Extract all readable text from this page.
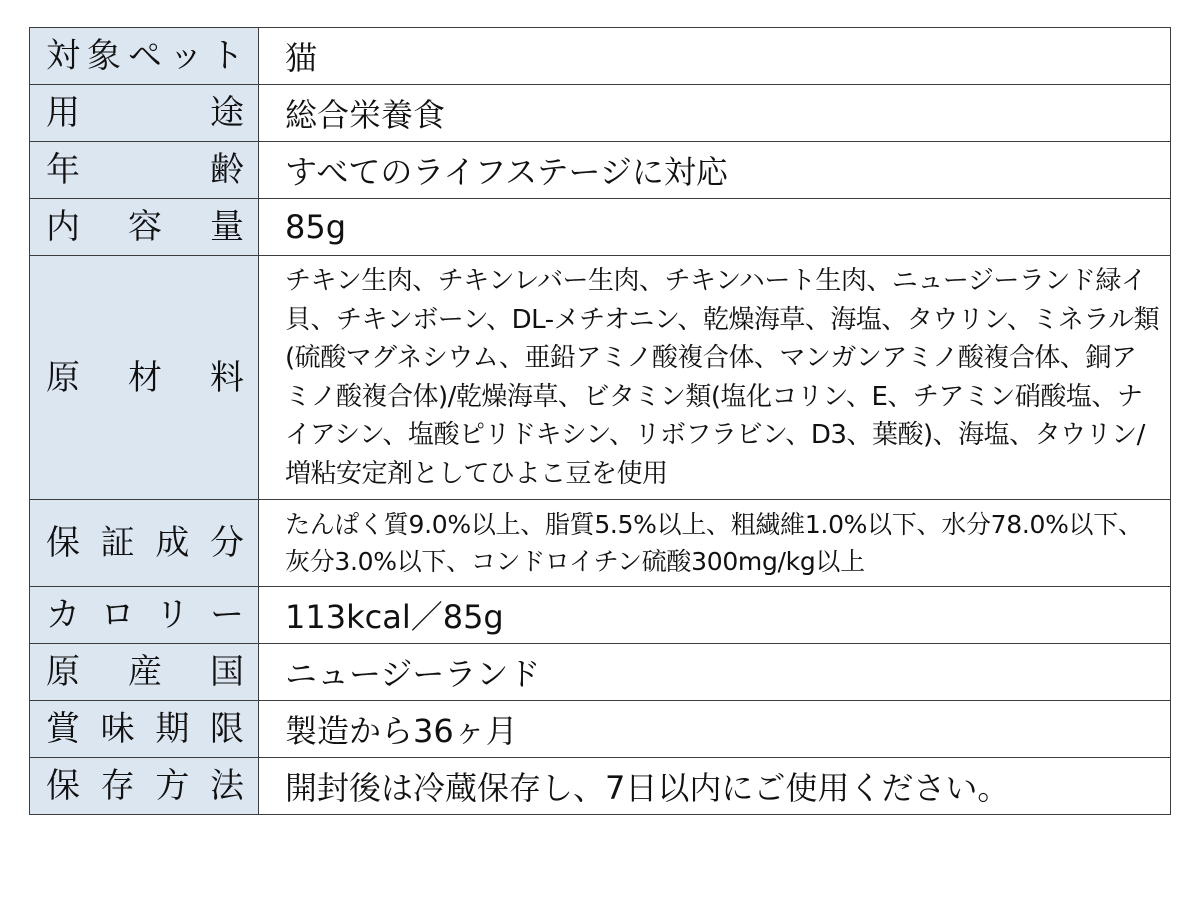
対象ペット	猫
用　途	総合栄養食
年　齢	すべてのライフステージに対応
内容量	85g
原材料	チキン生肉、チキンレバー生肉、チキンハート生肉、ニュージーランド緑イ貝、チキンボーン、DL-メチオニン、乾燥海草、海塩、タウリン、ミネラル類(硫酸マグネシウム、亜鉛アミノ酸複合体、マンガンアミノ酸複合体、銅アミノ酸複合体)/乾燥海草、ビタミン類(塩化コリン、E、チアミン硝酸塩、ナイアシン、塩酸ピリドキシン、リボフラビン、D3、葉酸)、海塩、タウリン/増粘安定剤としてひよこ豆を使用
保証成分	たんぱく質9.0%以上、脂質5.5%以上、粗繊維1.0%以下、水分78.0%以下、灰分3.0%以下、コンドロイチン硫酸300mg/kg以上
カロリー	113kcal／85g
原産国	ニュージーランド
賞味期限	製造から36ヶ月
保存方法	開封後は冷蔵保存し、7日以内にご使用ください。
